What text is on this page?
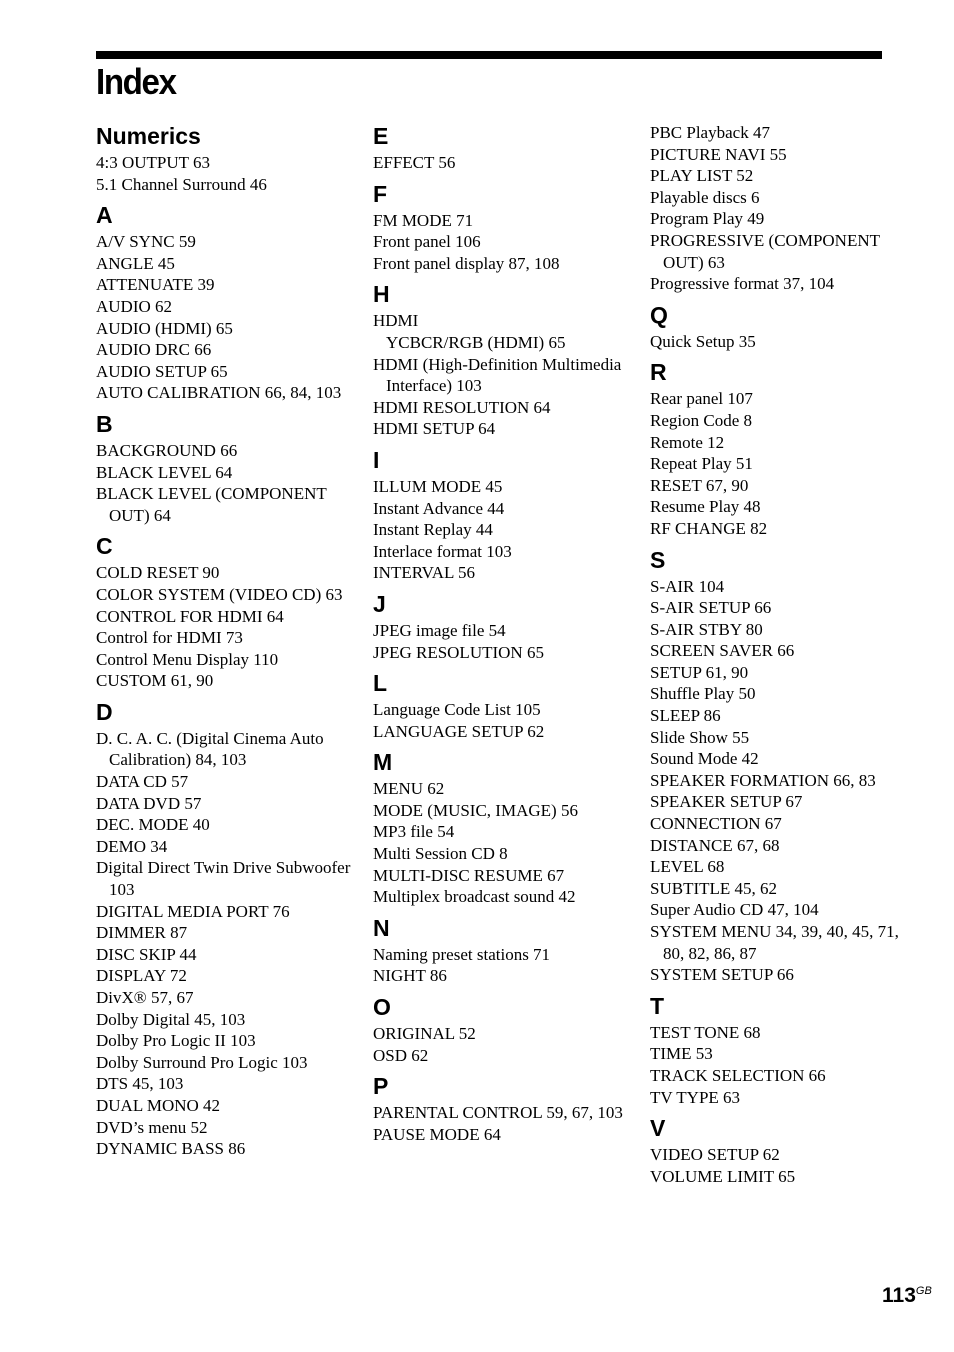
Index
Numerics
4:3 OUTPUT 63
5.1 Channel Surround 46
A
A/V SYNC 59
ANGLE 45
ATTENUATE 39
AUDIO 62
AUDIO (HDMI) 65
AUDIO DRC 66
AUDIO SETUP 65
AUTO CALIBRATION 66, 84, 103
B
BACKGROUND 66
BLACK LEVEL 64
BLACK LEVEL (COMPONENT OUT) 64
C
COLD RESET 90
COLOR SYSTEM (VIDEO CD) 63
CONTROL FOR HDMI 64
Control for HDMI 73
Control Menu Display 110
CUSTOM 61, 90
D
D. C. A. C. (Digital Cinema Auto Calibration) 84, 103
DATA CD 57
DATA DVD 57
DEC. MODE 40
DEMO 34
Digital Direct Twin Drive Subwoofer 103
DIGITAL MEDIA PORT 76
DIMMER 87
DISC SKIP 44
DISPLAY 72
DivX® 57, 67
Dolby Digital 45, 103
Dolby Pro Logic II 103
Dolby Surround Pro Logic 103
DTS 45, 103
DUAL MONO 42
DVD’s menu 52
DYNAMIC BASS 86
E
EFFECT 56
F
FM MODE 71
Front panel 106
Front panel display 87, 108
H
HDMI
YCBCR/RGB (HDMI) 65
HDMI (High-Definition Multimedia Interface) 103
HDMI RESOLUTION 64
HDMI SETUP 64
I
ILLUM MODE 45
Instant Advance 44
Instant Replay 44
Interlace format 103
INTERVAL 56
J
JPEG image file 54
JPEG RESOLUTION 65
L
Language Code List 105
LANGUAGE SETUP 62
M
MENU 62
MODE (MUSIC, IMAGE) 56
MP3 file 54
Multi Session CD 8
MULTI-DISC RESUME 67
Multiplex broadcast sound 42
N
Naming preset stations 71
NIGHT 86
O
ORIGINAL 52
OSD 62
P
PARENTAL CONTROL 59, 67, 103
PAUSE MODE 64
PBC Playback 47
PICTURE NAVI 55
PLAY LIST 52
Playable discs 6
Program Play 49
PROGRESSIVE (COMPONENT OUT) 63
Progressive format 37, 104
Q
Quick Setup 35
R
Rear panel 107
Region Code 8
Remote 12
Repeat Play 51
RESET 67, 90
Resume Play 48
RF CHANGE 82
S
S-AIR 104
S-AIR SETUP 66
S-AIR STBY 80
SCREEN SAVER 66
SETUP 61, 90
Shuffle Play 50
SLEEP 86
Slide Show 55
Sound Mode 42
SPEAKER FORMATION 66, 83
SPEAKER SETUP 67
CONNECTION 67
DISTANCE 67, 68
LEVEL 68
SUBTITLE 45, 62
Super Audio CD 47, 104
SYSTEM MENU 34, 39, 40, 45, 71, 80, 82, 86, 87
SYSTEM SETUP 66
T
TEST TONE 68
TIME 53
TRACK SELECTION 66
TV TYPE 63
V
VIDEO SETUP 62
VOLUME LIMIT 65
$113^{GB}$
